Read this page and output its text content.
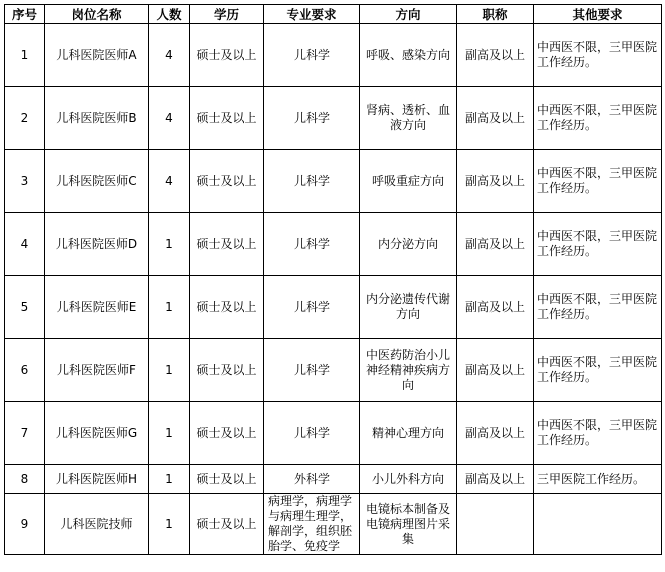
序号	岗位名称	人数	学历	专业要求	方向	职称	其他要求
1	儿科医院医师A	4	硕士及以上	儿科学	呼吸、感染方向	副高及以上	中西医不限，三甲医院工作经历。
2	儿科医院医师B	4	硕士及以上	儿科学	肾病、透析、血液方向	副高及以上	中西医不限，三甲医院工作经历。
3	儿科医院医师C	4	硕士及以上	儿科学	呼吸重症方向	副高及以上	中西医不限，三甲医院工作经历。
4	儿科医院医师D	1	硕士及以上	儿科学	内分泌方向	副高及以上	中西医不限，三甲医院工作经历。
5	儿科医院医师E	1	硕士及以上	儿科学	内分泌遗传代谢方向	副高及以上	中西医不限，三甲医院工作经历。
6	儿科医院医师F	1	硕士及以上	儿科学	中医药防治小儿神经精神疾病方向	副高及以上	中西医不限，三甲医院工作经历。
7	儿科医院医师G	1	硕士及以上	儿科学	精神心理方向	副高及以上	中西医不限，三甲医院工作经历。
8	儿科医院医师H	1	硕士及以上	外科学	小儿外科方向	副高及以上	三甲医院工作经历。
9	儿科医院技师	1	硕士及以上	病理学，病理学与病理生理学，解剖学，组织胚胎学、免疫学	电镜标本制备及电镜病理图片采集		
